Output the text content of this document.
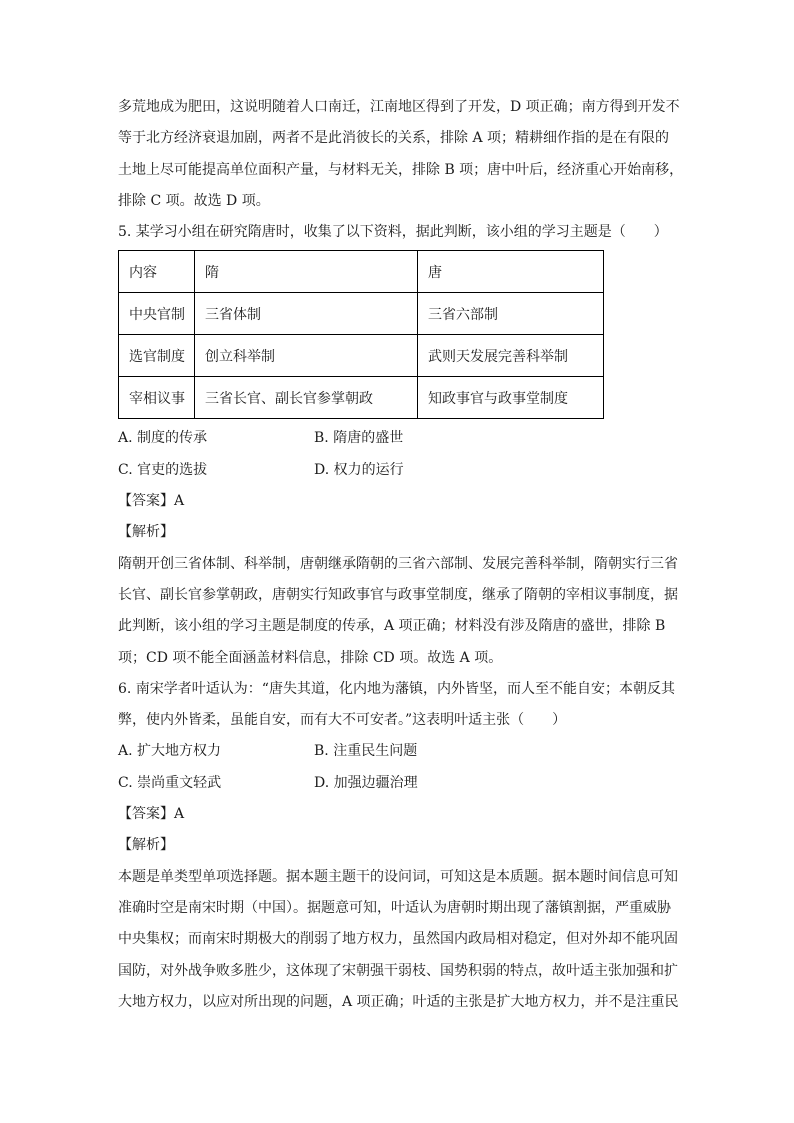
多荒地成为肥田，这说明随着人口南迁，江南地区得到了开发，D 项正确；南方得到开发不
等于北方经济衰退加剧，两者不是此消彼长的关系，排除 A 项；精耕细作指的是在有限的
土地上尽可能提高单位面积产量，与材料无关，排除 B 项；唐中叶后，经济重心开始南移，
排除 C 项。故选 D 项。
5. 某学习小组在研究隋唐时，收集了以下资料，据此判断，该小组的学习主题是（　　）
内容	隋	唐
中央官制	三省体制	三省六部制
选官制度	创立科举制	武则天发展完善科举制
宰相议事	三省长官、副长官参掌朝政	知政事官与政事堂制度
A. 制度的传承	B. 隋唐的盛世
C. 官吏的选拔	D. 权力的运行
【答案】A
【解析】
隋朝开创三省体制、科举制，唐朝继承隋朝的三省六部制、发展完善科举制，隋朝实行三省
长官、副长官参掌朝政，唐朝实行知政事官与政事堂制度，继承了隋朝的宰相议事制度，据
此判断，该小组的学习主题是制度的传承，A 项正确；材料没有涉及隋唐的盛世，排除 B
项；CD 项不能全面涵盖材料信息，排除 CD 项。故选 A 项。
6. 南宋学者叶适认为：“唐失其道，化内地为藩镇，内外皆坚，而人至不能自安；本朝反其
弊，使内外皆柔，虽能自安，而有大不可安者。”这表明叶适主张（　　）
A. 扩大地方权力	B. 注重民生问题
C. 崇尚重文轻武	D. 加强边疆治理
【答案】A
【解析】
本题是单类型单项选择题。据本题主题干的设问词，可知这是本质题。据本题时间信息可知
准确时空是南宋时期（中国）。据题意可知，叶适认为唐朝时期出现了藩镇割据，严重威胁
中央集权；而南宋时期极大的削弱了地方权力，虽然国内政局相对稳定，但对外却不能巩固
国防，对外战争败多胜少，这体现了宋朝强干弱枝、国势积弱的特点，故叶适主张加强和扩
大地方权力，以应对所出现的问题，A 项正确；叶适的主张是扩大地方权力，并不是注重民
